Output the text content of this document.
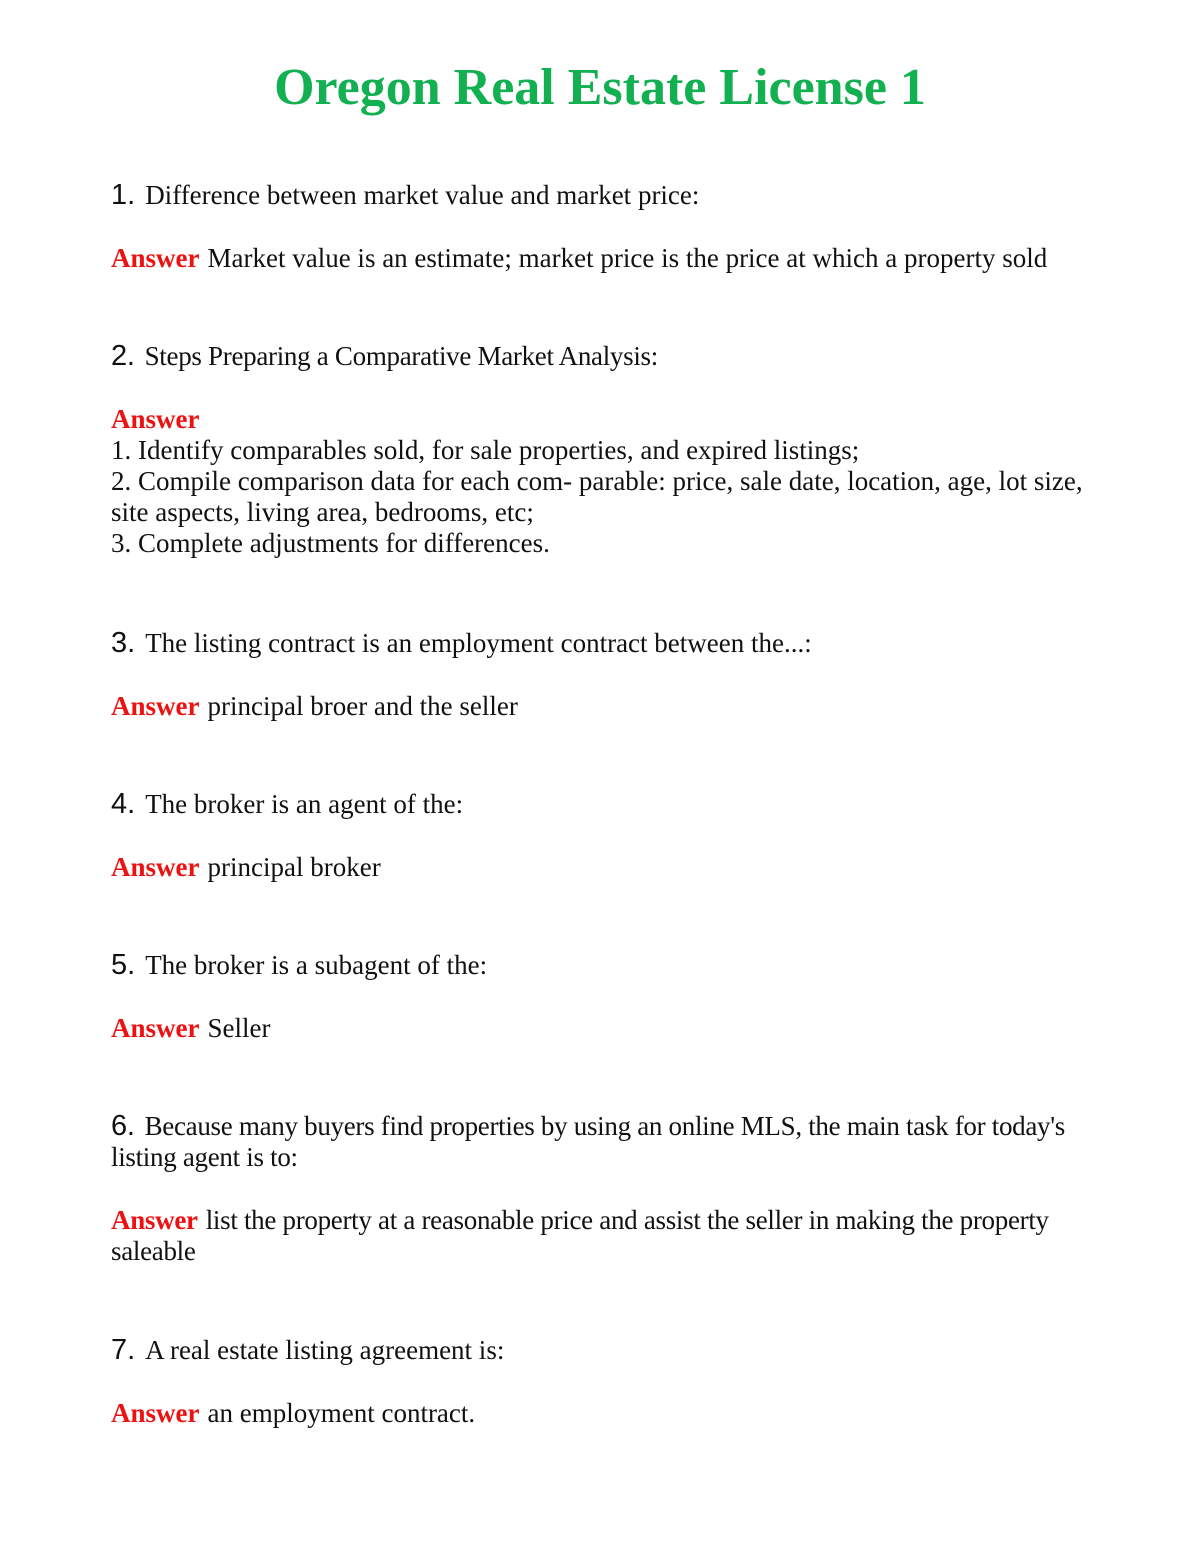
Oregon Real Estate License 1

1. Difference between market value and market price:

Answer Market value is an estimate; market price is the price at which a property sold

2. Steps Preparing a Comparative Market Analysis:

Answer
1. Identify comparables sold, for sale properties, and expired listings;
2. Compile comparison data for each com- parable: price, sale date, location, age, lot size, site aspects, living area, bedrooms, etc;
3. Complete adjustments for differences.

3. The listing contract is an employment contract between the...:

Answer principal broer and the seller

4. The broker is an agent of the:

Answer principal broker

5. The broker is a subagent of the:

Answer Seller

6. Because many buyers find properties by using an online MLS, the main task for today's listing agent is to:

Answer list the property at a reasonable price and assist the seller in making the property saleable

7. A real estate listing agreement is:

Answer an employment contract.
